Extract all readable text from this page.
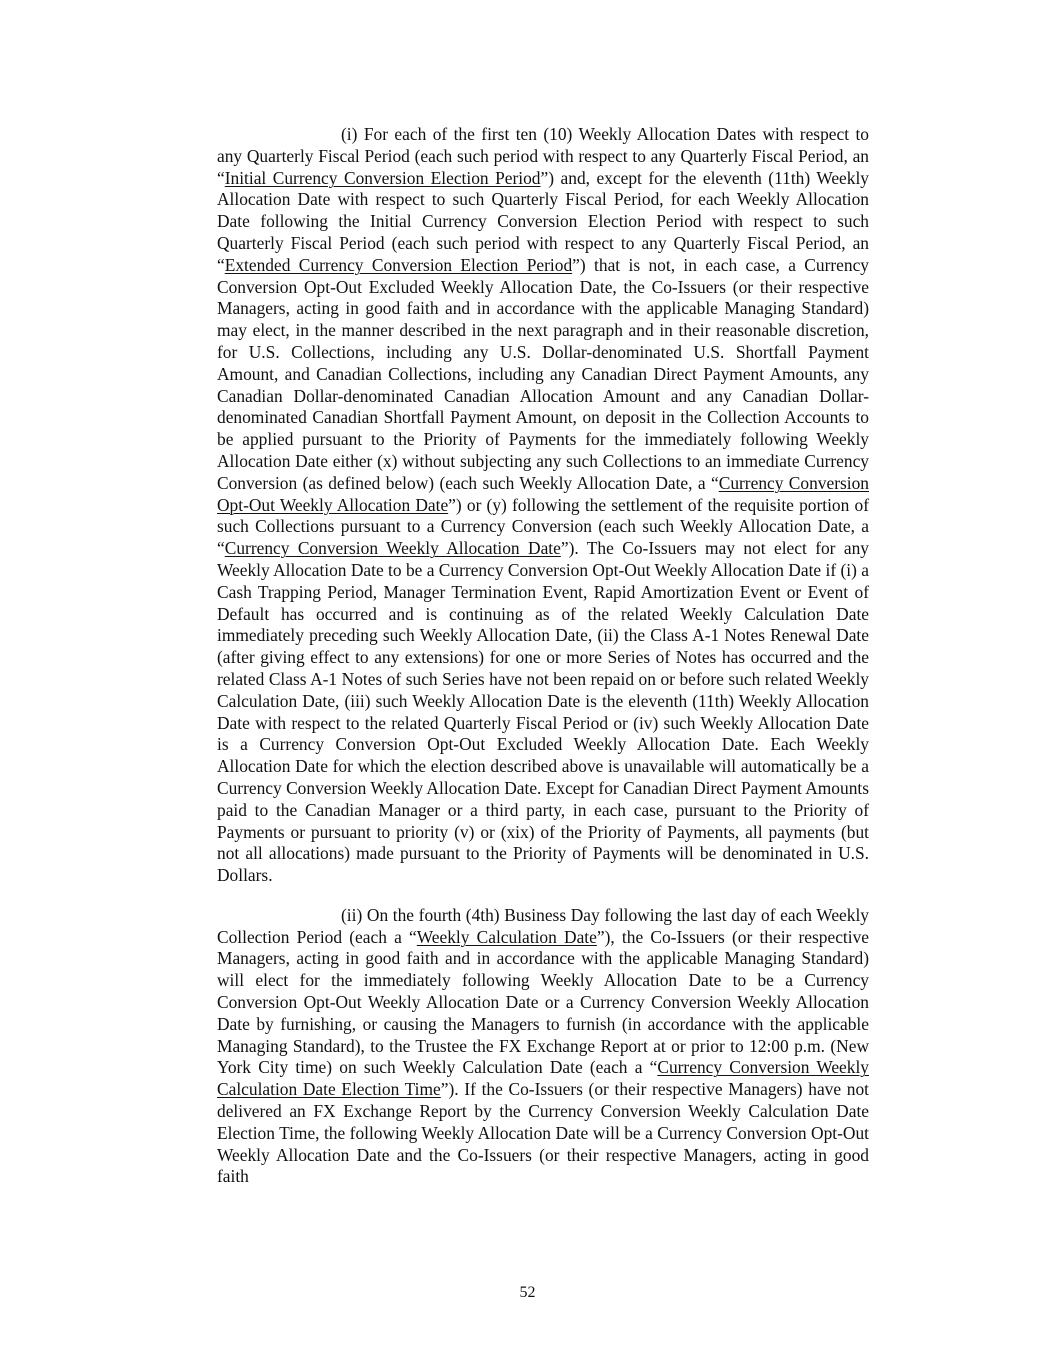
(i) For each of the first ten (10) Weekly Allocation Dates with respect to any Quarterly Fiscal Period (each such period with respect to any Quarterly Fiscal Period, an “Initial Currency Conversion Election Period”) and, except for the eleventh (11th) Weekly Allocation Date with respect to such Quarterly Fiscal Period, for each Weekly Allocation Date following the Initial Currency Conversion Election Period with respect to such Quarterly Fiscal Period (each such period with respect to any Quarterly Fiscal Period, an “Extended Currency Conversion Election Period”) that is not, in each case, a Currency Conversion Opt-Out Excluded Weekly Allocation Date, the Co-Issuers (or their respective Managers, acting in good faith and in accordance with the applicable Managing Standard) may elect, in the manner described in the next paragraph and in their reasonable discretion, for U.S. Collections, including any U.S. Dollar-denominated U.S. Shortfall Payment Amount, and Canadian Collections, including any Canadian Direct Payment Amounts, any Canadian Dollar-denominated Canadian Allocation Amount and any Canadian Dollar-denominated Canadian Shortfall Payment Amount, on deposit in the Collection Accounts to be applied pursuant to the Priority of Payments for the immediately following Weekly Allocation Date either (x) without subjecting any such Collections to an immediate Currency Conversion (as defined below) (each such Weekly Allocation Date, a “Currency Conversion Opt-Out Weekly Allocation Date”) or (y) following the settlement of the requisite portion of such Collections pursuant to a Currency Conversion (each such Weekly Allocation Date, a “Currency Conversion Weekly Allocation Date”). The Co-Issuers may not elect for any Weekly Allocation Date to be a Currency Conversion Opt-Out Weekly Allocation Date if (i) a Cash Trapping Period, Manager Termination Event, Rapid Amortization Event or Event of Default has occurred and is continuing as of the related Weekly Calculation Date immediately preceding such Weekly Allocation Date, (ii) the Class A-1 Notes Renewal Date (after giving effect to any extensions) for one or more Series of Notes has occurred and the related Class A-1 Notes of such Series have not been repaid on or before such related Weekly Calculation Date, (iii) such Weekly Allocation Date is the eleventh (11th) Weekly Allocation Date with respect to the related Quarterly Fiscal Period or (iv) such Weekly Allocation Date is a Currency Conversion Opt-Out Excluded Weekly Allocation Date. Each Weekly Allocation Date for which the election described above is unavailable will automatically be a Currency Conversion Weekly Allocation Date. Except for Canadian Direct Payment Amounts paid to the Canadian Manager or a third party, in each case, pursuant to the Priority of Payments or pursuant to priority (v) or (xix) of the Priority of Payments, all payments (but not all allocations) made pursuant to the Priority of Payments will be denominated in U.S. Dollars.

(ii) On the fourth (4th) Business Day following the last day of each Weekly Collection Period (each a “Weekly Calculation Date”), the Co-Issuers (or their respective Managers, acting in good faith and in accordance with the applicable Managing Standard) will elect for the immediately following Weekly Allocation Date to be a Currency Conversion Opt-Out Weekly Allocation Date or a Currency Conversion Weekly Allocation Date by furnishing, or causing the Managers to furnish (in accordance with the applicable Managing Standard), to the Trustee the FX Exchange Report at or prior to 12:00 p.m. (New York City time) on such Weekly Calculation Date (each a “Currency Conversion Weekly Calculation Date Election Time”). If the Co-Issuers (or their respective Managers) have not delivered an FX Exchange Report by the Currency Conversion Weekly Calculation Date Election Time, the following Weekly Allocation Date will be a Currency Conversion Opt-Out Weekly Allocation Date and the Co-Issuers (or their respective Managers, acting in good faith

52
